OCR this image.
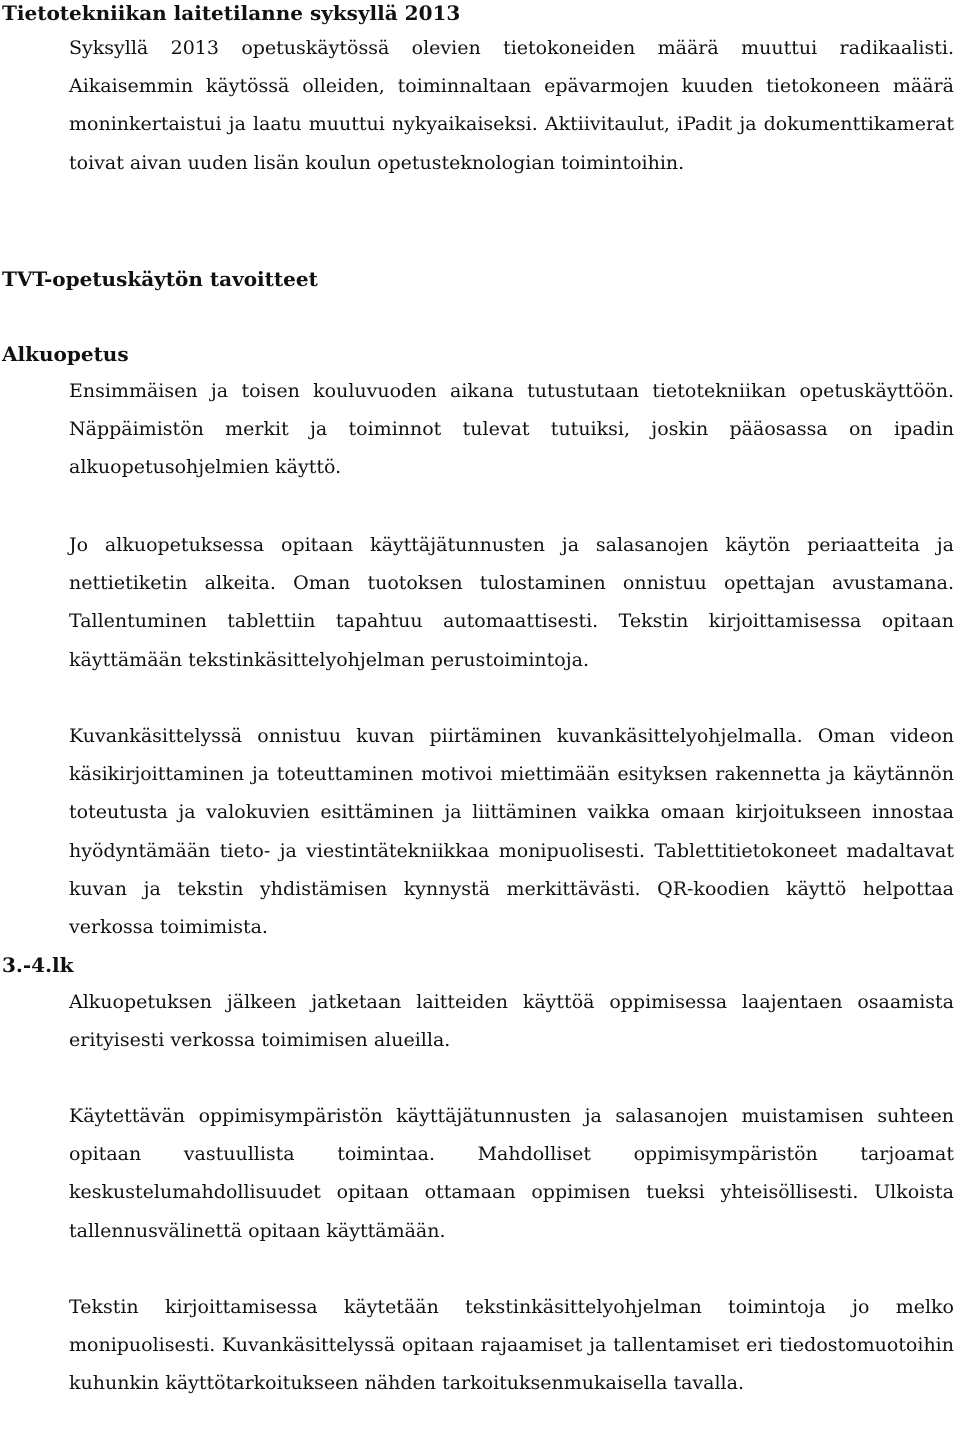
Tietotekniikan laitetilanne syksyllä 2013

Syksyllä 2013 opetuskäytössä olevien tietokoneiden määrä muuttui radikaalisti. Aikaisemmin käytössä olleiden, toiminnaltaan epävarmojen kuuden tietokoneen määrä moninkertaistui ja laatu muuttui nykyaikaiseksi. Aktiivitaulut, iPadit ja dokumenttikamerat toivat aivan uuden lisän koulun opetusteknologian toimintoihin.

TVT-opetuskäytön tavoitteet
Alkuopetus

Ensimmäisen ja toisen kouluvuoden aikana tutustutaan tietotekniikan opetuskäyttöön. Näppäimistön merkit ja toiminnot tulevat tutuiksi, joskin pääosassa on ipadin alkuopetusohjelmien käyttö.

Jo alkuopetuksessa opitaan käyttäjätunnusten ja salasanojen käytön periaatteita ja nettietiketin alkeita. Oman tuotoksen tulostaminen onnistuu opettajan avustamana. Tallentuminen tablettiin tapahtuu automaattisesti. Tekstin kirjoittamisessa opitaan käyttämään tekstinkäsittelyohjelman perustoimintoja.

Kuvankäsittelyssä onnistuu kuvan piirtäminen kuvankäsittelyohjelmalla. Oman videon käsikirjoittaminen ja toteuttaminen motivoi miettimään esityksen rakennetta ja käytännön toteutusta ja valokuvien esittäminen ja liittäminen vaikka omaan kirjoitukseen innostaa hyödyntämään tieto- ja viestintätekniikkaa monipuolisesti. Tablettitietokoneet madaltavat kuvan ja tekstin yhdistämisen kynnystä merkittävästi. QR-koodien käyttö helpottaa verkossa toimimista.

3.-4.lk

Alkuopetuksen jälkeen jatketaan laitteiden käyttöä oppimisessa laajentaen osaamista erityisesti verkossa toimimisen alueilla.

Käytettävän oppimisympäristön käyttäjätunnusten ja salasanojen muistamisen suhteen opitaan vastuullista toimintaa. Mahdolliset oppimisympäristön tarjoamat keskustelumahdollisuudet opitaan ottamaan oppimisen tueksi yhteisöllisesti. Ulkoista tallennusvälinettä opitaan käyttämään.

Tekstin kirjoittamisessa käytetään tekstinkäsittelyohjelman toimintoja jo melko monipuolisesti. Kuvankäsittelyssä opitaan rajaamiset ja tallentamiset eri tiedostomuotoihin kuhunkin käyttötarkoitukseen nähden tarkoituksenmukaisella tavalla.
